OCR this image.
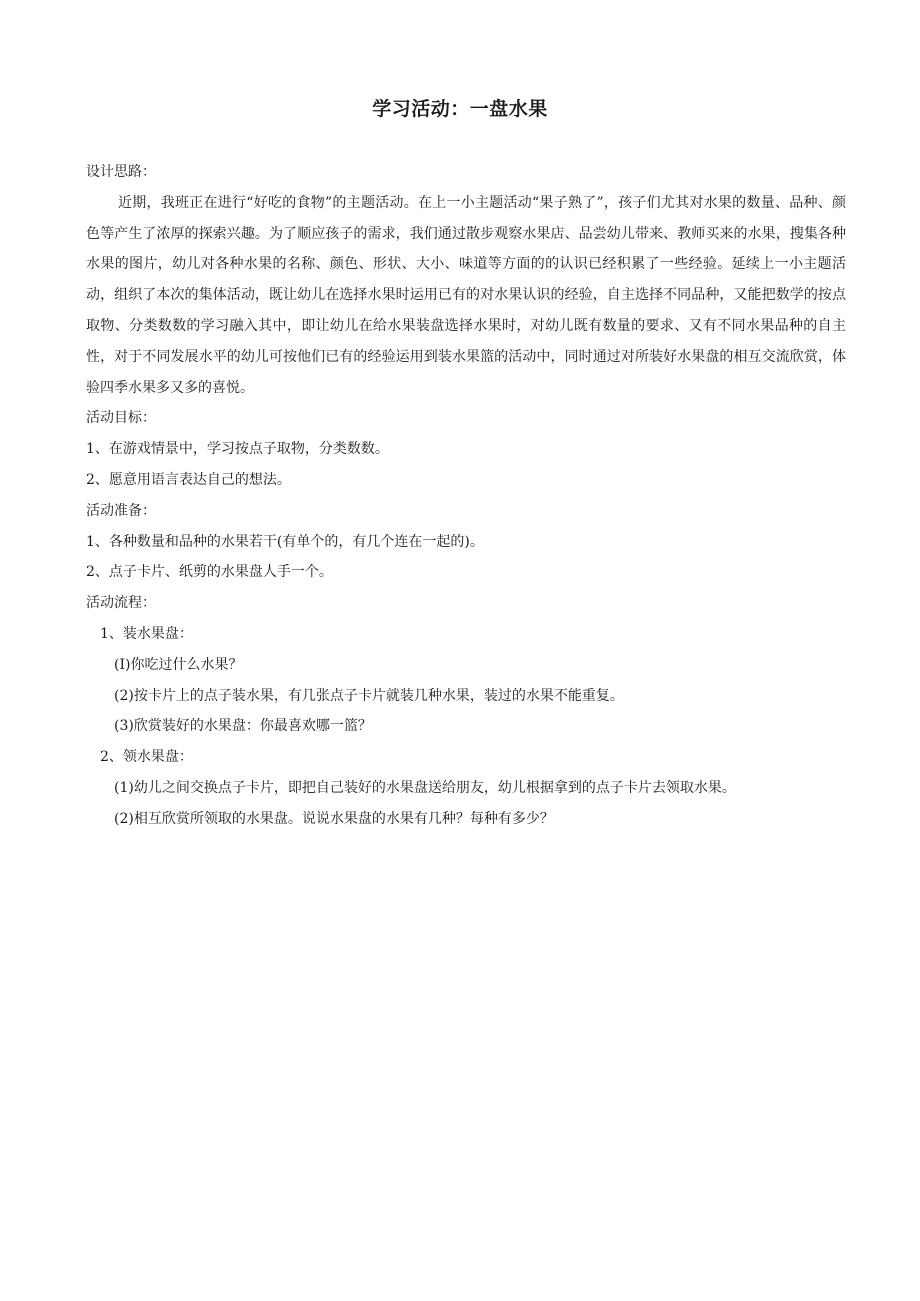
学习活动：一盘水果

设计思路：

近期，我班正在进行“好吃的食物”的主题活动。在上一小主题活动“果子熟了”，孩子们尤其对水果的数量、品种、颜色等产生了浓厚的探索兴趣。为了顺应孩子的需求，我们通过散步观察水果店、品尝幼儿带来、教师买来的水果，搜集各种水果的图片，幼儿对各种水果的名称、颜色、形状、大小、味道等方面的的认识已经积累了一些经验。延续上一小主题活动，组织了本次的集体活动，既让幼儿在选择水果时运用已有的对水果认识的经验，自主选择不同品种，又能把数学的按点取物、分类数数的学习融入其中，即让幼儿在给水果装盘选择水果时，对幼儿既有数量的要求、又有不同水果品种的自主性，对于不同发展水平的幼儿可按他们已有的经验运用到装水果篮的活动中，同时通过对所装好水果盘的相互交流欣赏，体验四季水果多又多的喜悦。

活动目标：

1、在游戏情景中，学习按点子取物，分类数数。

2、愿意用语言表达自己的想法。

活动准备：

1、各种数量和品种的水果若干(有单个的，有几个连在一起的)。

2、点子卡片、纸剪的水果盘人手一个。

活动流程：

1、装水果盘：

(I)你吃过什么水果？

(2)按卡片上的点子装水果，有几张点子卡片就装几种水果，装过的水果不能重复。

(3)欣赏装好的水果盘：你最喜欢哪一篮？

2、领水果盘：

(1)幼儿之间交换点子卡片，即把自己装好的水果盘送给朋友，幼儿根据拿到的点子卡片去领取水果。

(2)相互欣赏所领取的水果盘。说说水果盘的水果有几种？每种有多少？
